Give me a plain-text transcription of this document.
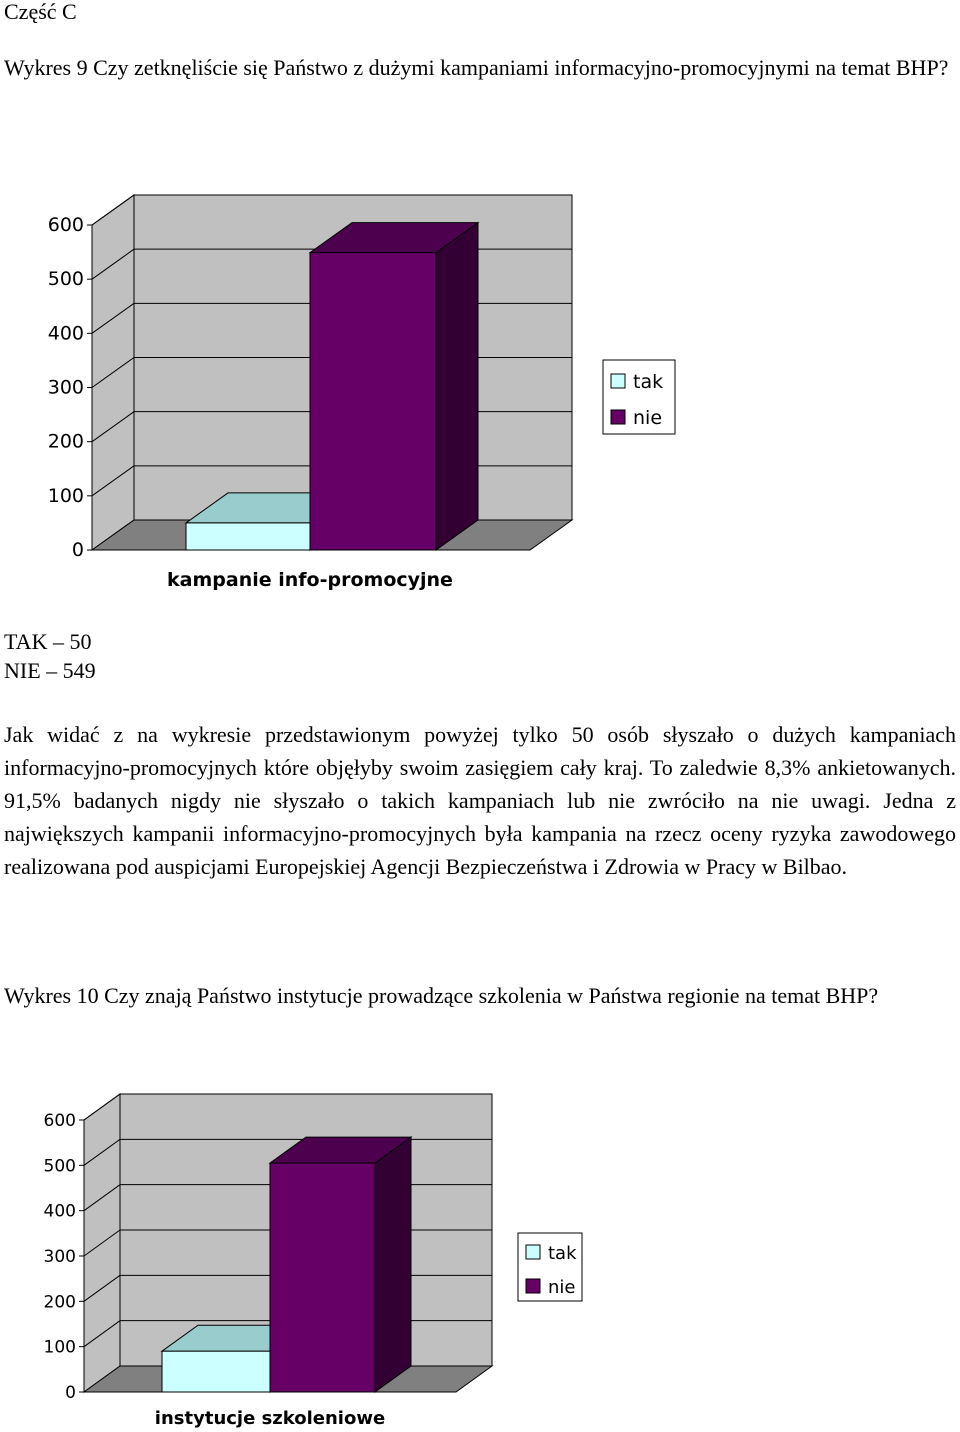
Część C
Wykres 9 Czy zetknęliście się Państwo z dużymi kampaniami informacyjno-promocyjnymi na temat BHP?
0
100
200
300
400
500
600
kampanie info-promocyjne
tak
nie
TAK – 50
NIE – 549
Jak widać z na wykresie przedstawionym powyżej tylko 50 osób słyszało o dużych kampaniach informacyjno-promocyjnych które objęłyby swoim zasięgiem cały kraj. To zaledwie 8,3% ankietowanych. 91,5% badanych nigdy nie słyszało o takich kampaniach lub nie zwróciło na nie uwagi. Jedna z największych kampanii informacyjno-promocyjnych była kampania na rzecz oceny ryzyka zawodowego realizowana pod auspicjami Europejskiej Agencji Bezpieczeństwa i Zdrowia w Pracy w Bilbao.
Wykres 10 Czy znają Państwo instytucje prowadzące szkolenia w Państwa regionie na temat BHP?
0
100
200
300
400
500
600
instytucje szkoleniowe
tak
nie
